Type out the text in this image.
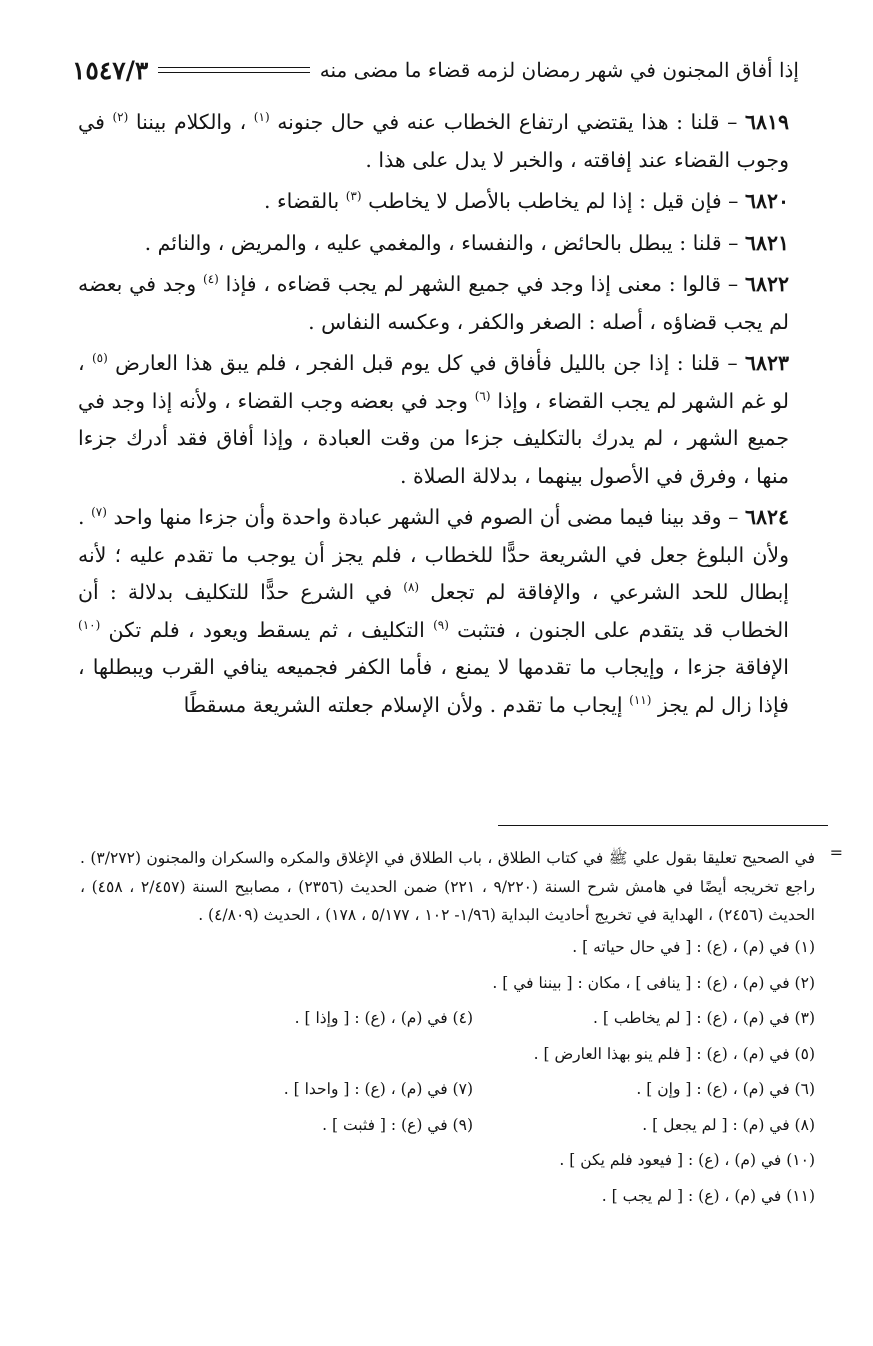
إذا أفاق المجنون في شهر رمضان لزمه قضاء ما مضى منه
١٥٤٧/٣

٦٨١٩ – قلنا : هذا يقتضي ارتفاع الخطاب عنه في حال جنونه $^{(١)}$ ، والكلام بيننا $^{(٢)}$ في وجوب القضاء عند إفاقته ، والخبر لا يدل على هذا .

٦٨٢٠ – فإن قيل : إذا لم يخاطب بالأصل لا يخاطب $^{(٣)}$ بالقضاء .

٦٨٢١ – قلنا : يبطل بالحائض ، والنفساء ، والمغمي عليه ، والمريض ، والنائم .

٦٨٢٢ – قالوا : معنى إذا وجد في جميع الشهر لم يجب قضاءه ، فإذا $^{(٤)}$ وجد في بعضه لم يجب قضاؤه ، أصله : الصغر والكفر ، وعكسه النفاس .

٦٨٢٣ – قلنا : إذا جن بالليل فأفاق في كل يوم قبل الفجر ، فلم يبق هذا العارض $^{(٥)}$ ، لو غم الشهر لم يجب القضاء ، وإذا $^{(٦)}$ وجد في بعضه وجب القضاء ، ولأنه إذا وجد في جميع الشهر ، لم يدرك بالتكليف جزءا من وقت العبادة ، وإذا أفاق فقد أدرك جزءا منها ، وفرق في الأصول بينهما ، بدلالة الصلاة .

٦٨٢٤ – وقد بينا فيما مضى أن الصوم في الشهر عبادة واحدة وأن جزءا منها واحد $^{(٧)}$ . ولأن البلوغ جعل في الشريعة حدًّا للخطاب ، فلم يجز أن يوجب ما تقدم عليه ؛ لأنه إبطال للحد الشرعي ، والإفاقة لم تجعل $^{(٨)}$ في الشرع حدًّا للتكليف بدلالة : أن الخطاب قد يتقدم على الجنون ، فتثبت $^{(٩)}$ التكليف ، ثم يسقط ويعود ، فلم تكن $^{(١٠)}$ الإفاقة جزءا ، وإيجاب ما تقدمها لا يمنع ، فأما الكفر فجميعه ينافي القرب ويبطلها ، فإذا زال لم يجز $^{(١١)}$ إيجاب ما تقدم . ولأن الإسلام جعلته الشريعة مسقطًا

=

في الصحيح تعليقا بقول علي ﷺ في كتاب الطلاق ، باب الطلاق في الإغلاق والمكره والسكران والمجنون (٣/٢٧٢) . راجع تخريجه أيضًا في هامش شرح السنة (٩/٢٢٠ ، ٢٢١) ضمن الحديث (٢٣٥٦) ، مصابيح السنة (٢/٤٥٧ ، ٤٥٨) ، الحديث (٢٤٥٦) ، الهداية في تخريج أحاديث البداية (١/٩٦- ١٠٢ ، ٥/١٧٧ ، ١٧٨) ، الحديث (٤/٨٠٩) .

(١) في (م) ، (ع) : [ في حال حياته ] .
(٢) في (م) ، (ع) : [ ينافى ] ، مكان : [ بيننا في ] .
(٣) في (م) ، (ع) : [ لم يخاطب ] .
(٤) في (م) ، (ع) : [ وإذا ] .
(٥) في (م) ، (ع) : [ فلم ينو بهذا العارض ] .
(٦) في (م) ، (ع) : [ وإن ] .
(٧) في (م) ، (ع) : [ واحدا ] .
(٨) في (م) : [ لم يجعل ] .
(٩) في (ع) : [ فثبت ] .
(١٠) في (م) ، (ع) : [ فيعود فلم يكن ] .
(١١) في (م) ، (ع) : [ لم يجب ] .
